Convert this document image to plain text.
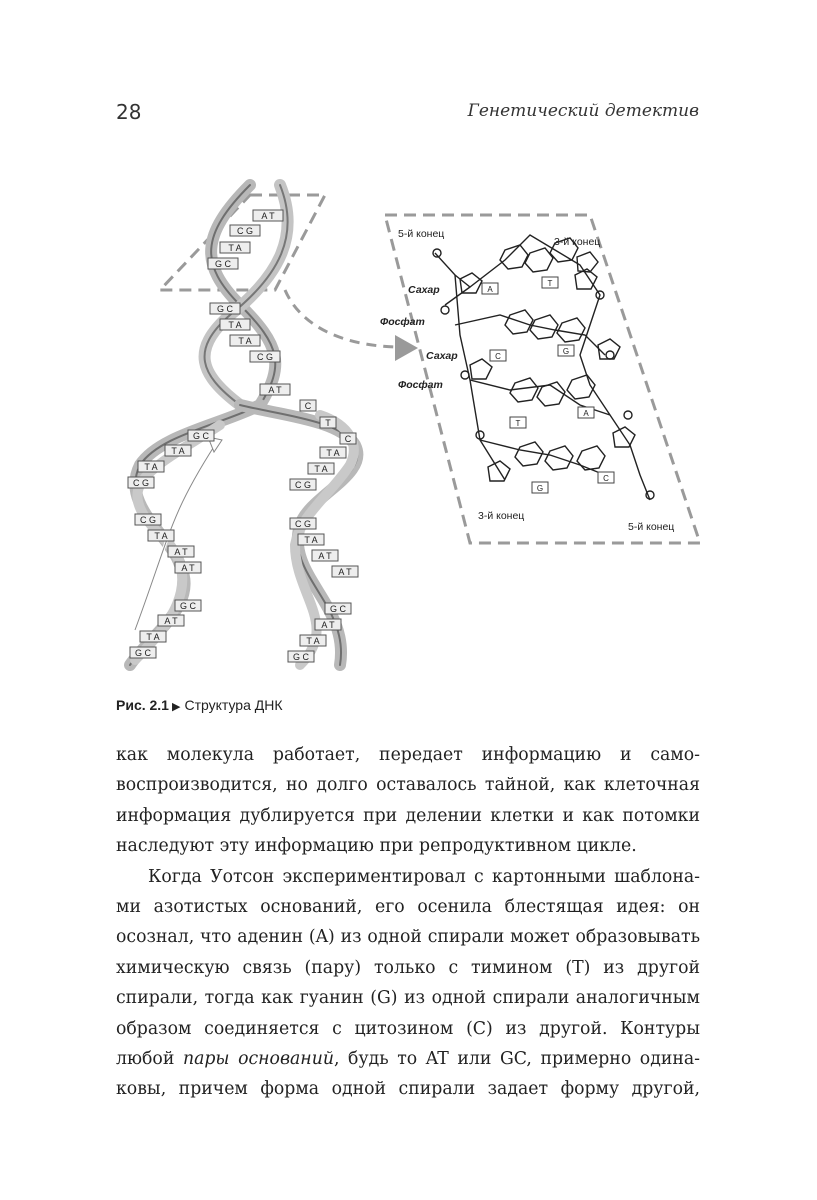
28	Генетический детектив
A T
C G
T A
G C
G C
T A
T A
C G
A T
G C
T A
T A
C G
C G
T A
A T
A T
G C
A T
T A
G C
C
T
C
T A
T A
C G
C G
T A
A T
A T
G C
A T
T A
G C
A
T
C
G
A
T
G
C
5-й конец
3-й конец
Сахар
Фосфат
Сахар
Фосфат
3-й конец
5-й конец
Рис. 2.1 ▶ Структура ДНК

как молекула работает, передает информацию и само-

воспроизводится, но долго оставалось тайной, как клеточная

информация дублируется при делении клетки и как потомки

наследуют эту информацию при репродуктивном цикле.

Когда Уотсон экспериментировал с картонными шаблона-

ми азотистых оснований, его осенила блестящая идея: он

осознал, что аденин (A) из одной спирали может образовывать

химическую связь (пару) только с тимином (T) из другой

спирали, тогда как гуанин (G) из одной спирали аналогичным

образом соединяется с цитозином (C) из другой. Контуры

любой пары оснований, будь то AT или GC, примерно одина-

ковы, причем форма одной спирали задает форму другой,
